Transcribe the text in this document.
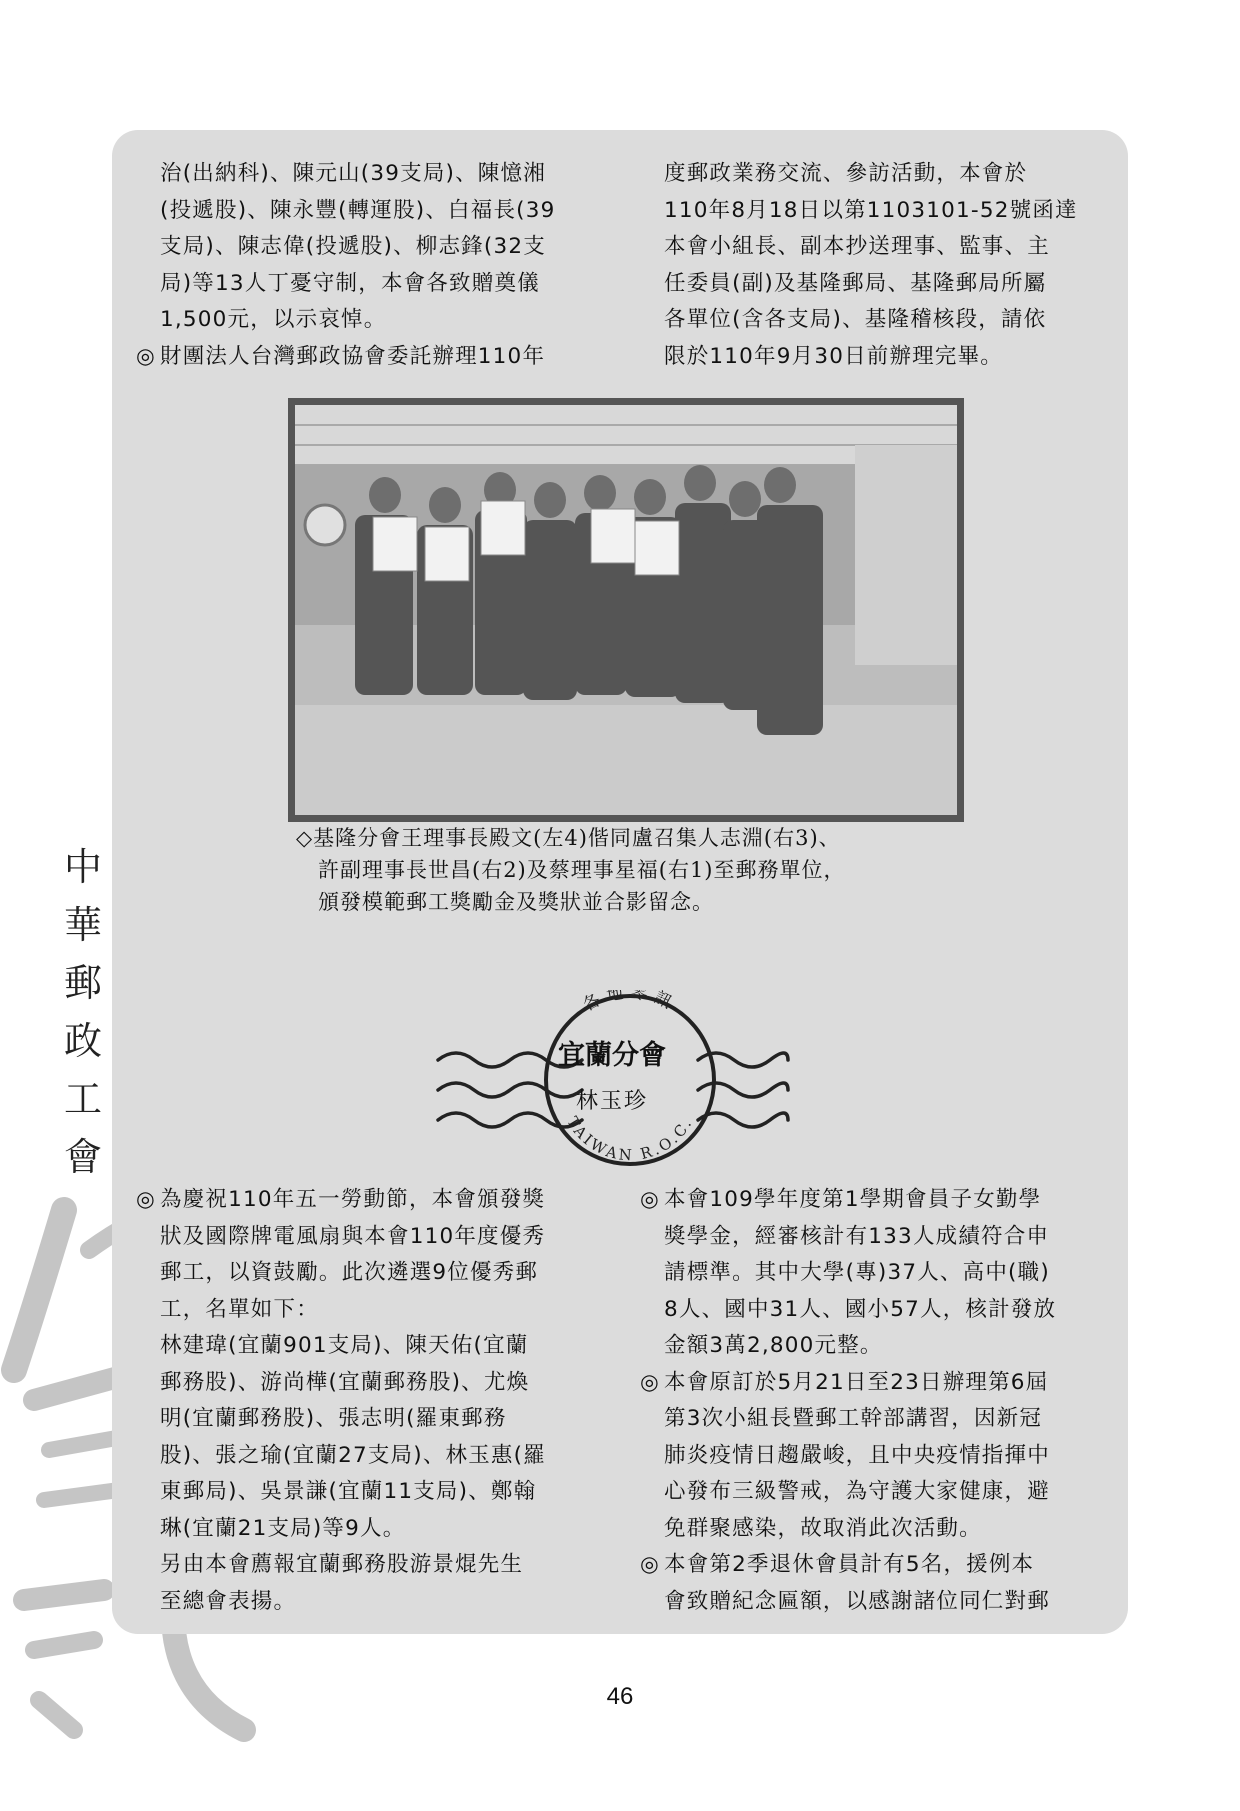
中
華
郵
政
工
會

治(出納科)、陳元山(39支局)、陳憶湘

(投遞股)、陳永豐(轉運股)、白福長(39

支局)、陳志偉(投遞股)、柳志鋒(32支

局)等13人丁憂守制，本會各致贈奠儀

1,500元，以示哀悼。

◎ 財團法人台灣郵政協會委託辦理110年

度郵政業務交流、參訪活動，本會於

110年8月18日以第1103101-52號函達

本會小組長、副本抄送理事、監事、主

任委員(副)及基隆郵局、基隆郵局所屬

各單位(含各支局)、基隆稽核段，請依

限於110年9月30日前辦理完畢。

◇基隆分會王理事長殿文(左4)偕同盧召集人志淵(右3)、

許副理事長世昌(右2)及蔡理事星福(右1)至郵務單位，

頒發模範郵工獎勵金及獎狀並合影留念。

各地零訊
TAIWAN R.O.C.
宜蘭分會
林玉珍

◎ 為慶祝110年五一勞動節，本會頒發獎

狀及國際牌電風扇與本會110年度優秀

郵工，以資鼓勵。此次遴選9位優秀郵

工，名單如下：

林建瑋(宜蘭901支局)、陳天佑(宜蘭

郵務股)、游尚樺(宜蘭郵務股)、尤煥

明(宜蘭郵務股)、張志明(羅東郵務

股)、張之瑜(宜蘭27支局)、林玉惠(羅

東郵局)、吳景謙(宜蘭11支局)、鄭翰

琳(宜蘭21支局)等9人。

另由本會薦報宜蘭郵務股游景焜先生

至總會表揚。

◎ 本會109學年度第1學期會員子女勤學

獎學金，經審核計有133人成績符合申

請標準。其中大學(專)37人、高中(職)

8人、國中31人、國小57人，核計發放

金額3萬2,800元整。

◎ 本會原訂於5月21日至23日辦理第6屆

第3次小組長暨郵工幹部講習，因新冠

肺炎疫情日趨嚴峻，且中央疫情指揮中

心發布三級警戒，為守護大家健康，避

免群聚感染，故取消此次活動。

◎ 本會第2季退休會員計有5名，援例本

會致贈紀念匾額，以感謝諸位同仁對郵

46
